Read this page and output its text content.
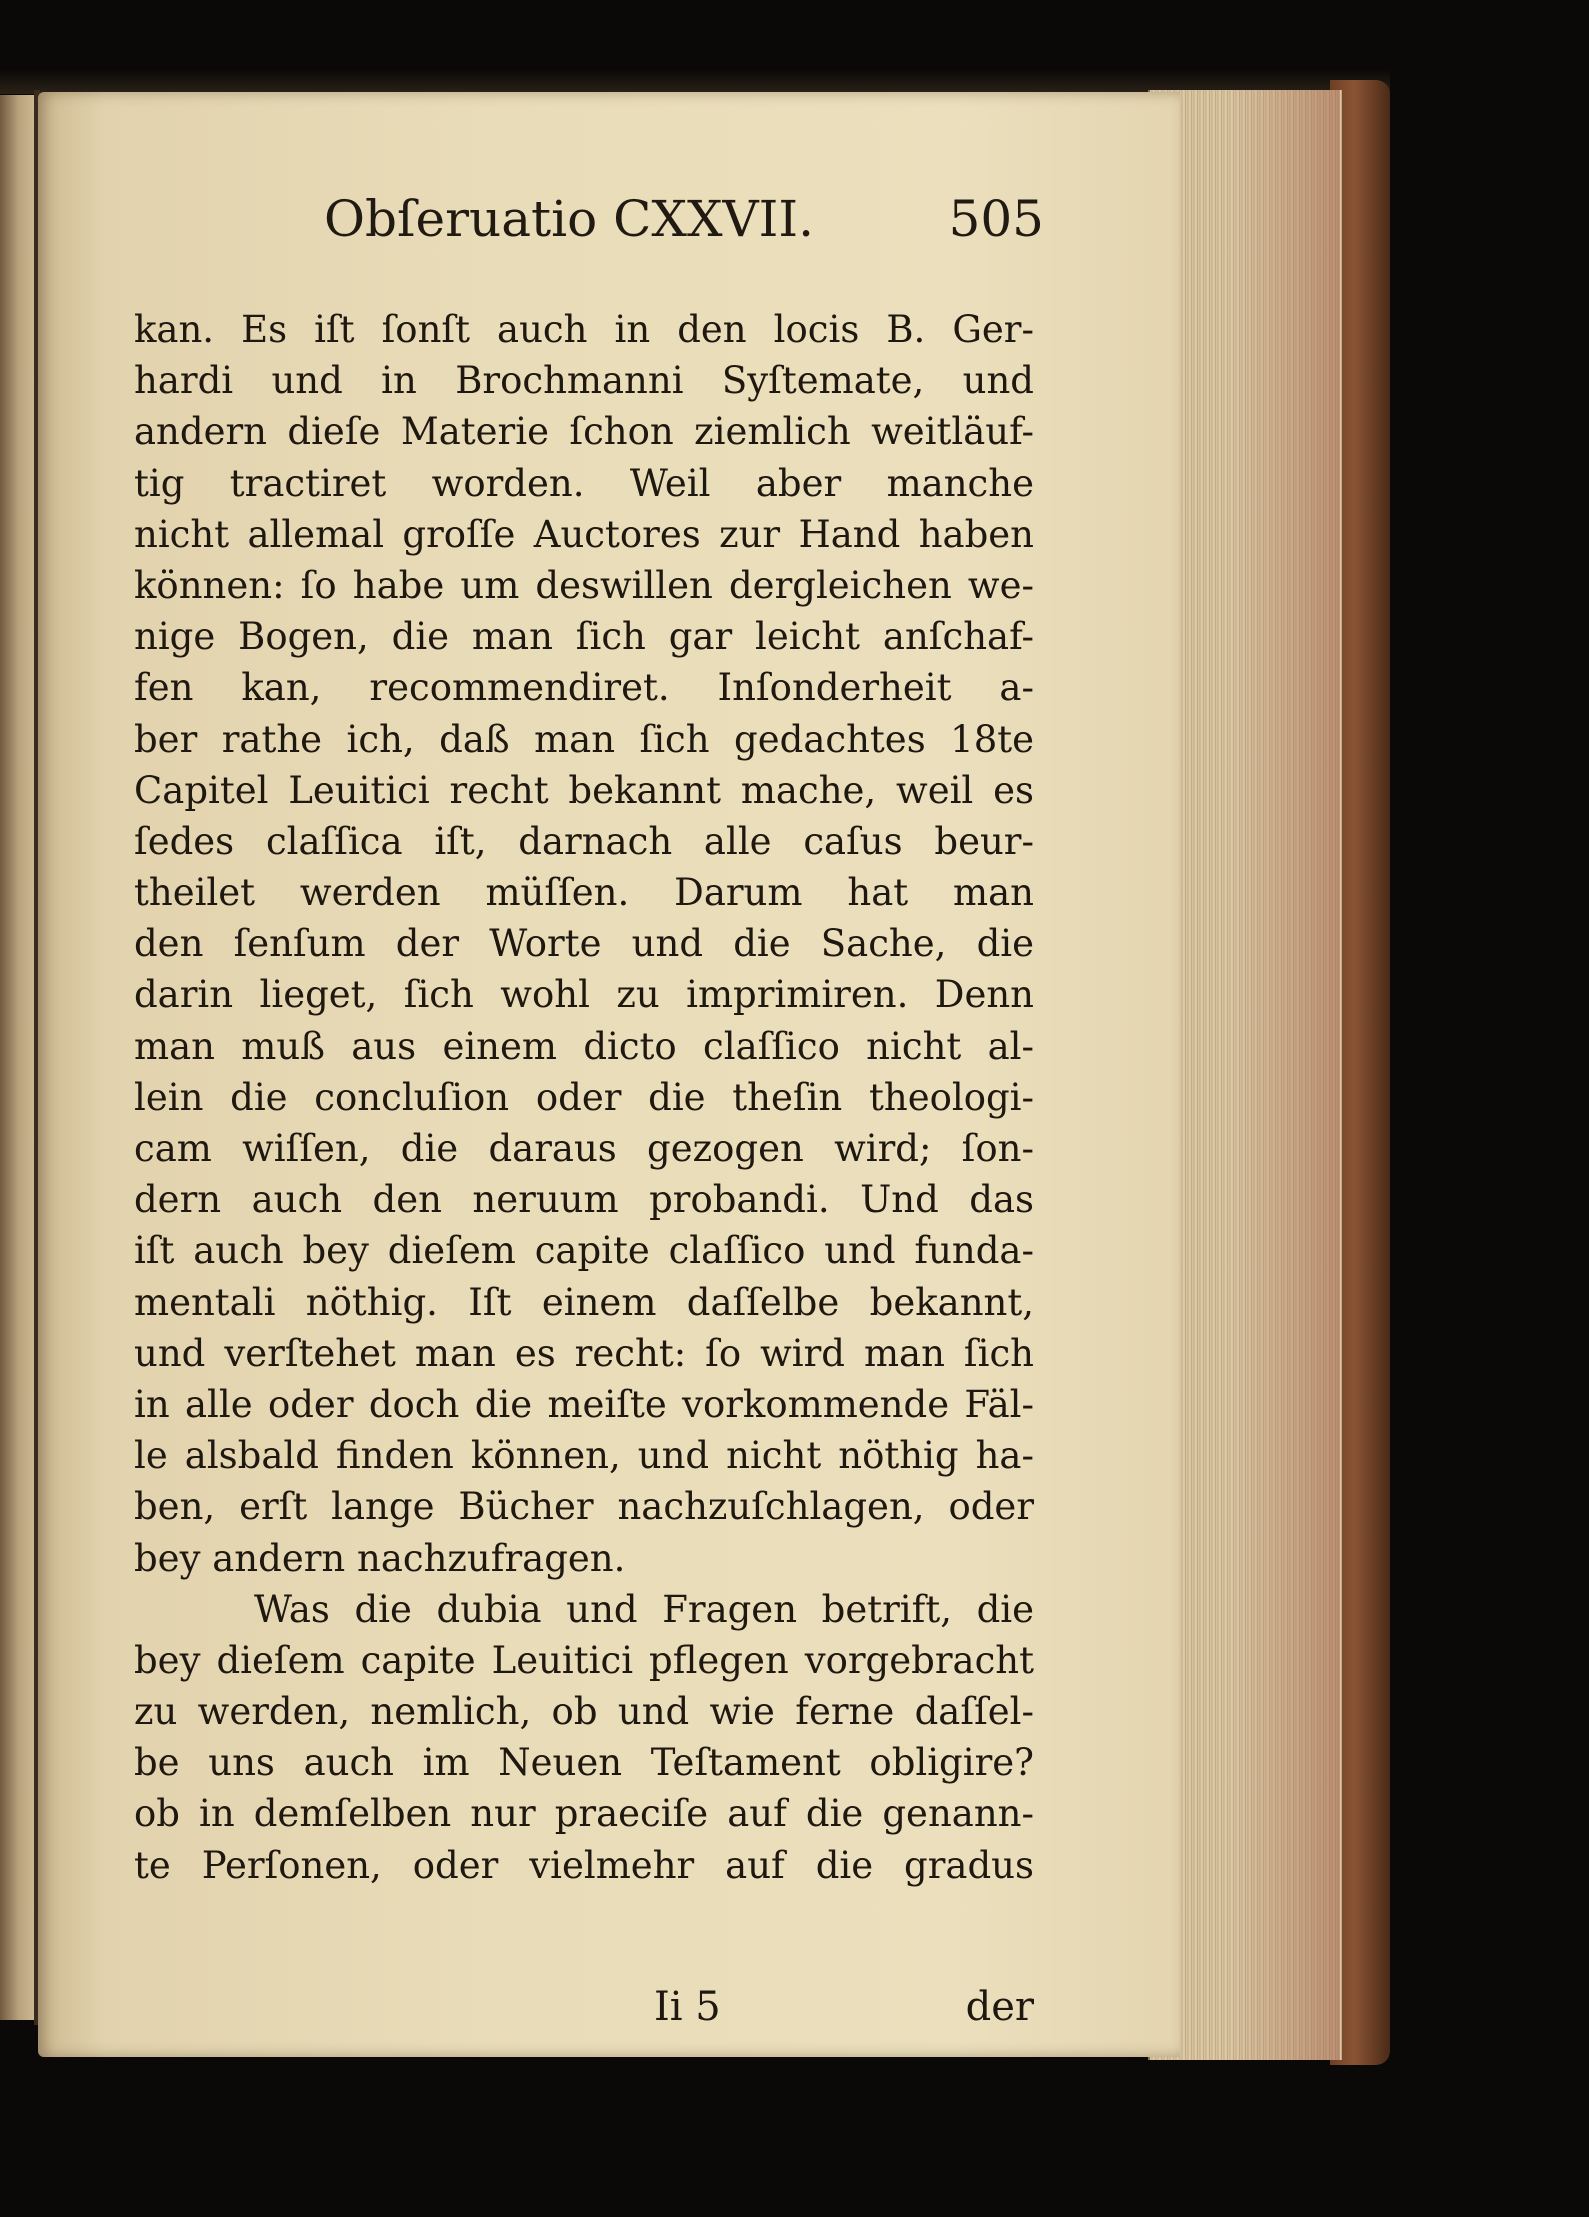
Obſeruatio CXXVII.	505
kan. Es iſt ſonſt auch in den locis B. Ger-
hardi und in Brochmanni Syſtemate, und
andern dieſe Materie ſchon ziemlich weitläuf-
tig tractiret worden. Weil aber manche
nicht allemal groſſe Auctores zur Hand haben
können: ſo habe um deswillen dergleichen we-
nige Bogen, die man ſich gar leicht anſchaf-
fen kan, recommendiret. Inſonderheit a-
ber rathe ich, daß man ſich gedachtes 18te
Capitel Leuitici recht bekannt mache, weil es
ſedes claſſica iſt, darnach alle caſus beur-
theilet werden müſſen. Darum hat man
den ſenſum der Worte und die Sache, die
darin lieget, ſich wohl zu imprimiren. Denn
man muß aus einem dicto claſſico nicht al-
lein die concluſion oder die theſin theologi-
cam wiſſen, die daraus gezogen wird; ſon-
dern auch den neruum probandi. Und das
iſt auch bey dieſem capite claſſico und funda-
mentali nöthig. Iſt einem daſſelbe bekannt,
und verſtehet man es recht: ſo wird man ſich
in alle oder doch die meiſte vorkommende Fäl-
le alsbald finden können, und nicht nöthig ha-
ben, erſt lange Bücher nachzuſchlagen, oder
bey andern nachzufragen.
Was die dubia und Fragen betrift, die
bey dieſem capite Leuitici pflegen vorgebracht
zu werden, nemlich, ob und wie ferne daſſel-
be uns auch im Neuen Teſtament obligire?
ob in demſelben nur praeciſe auf die genann-
te Perſonen, oder vielmehr auf die gradus
Ii 5	der
